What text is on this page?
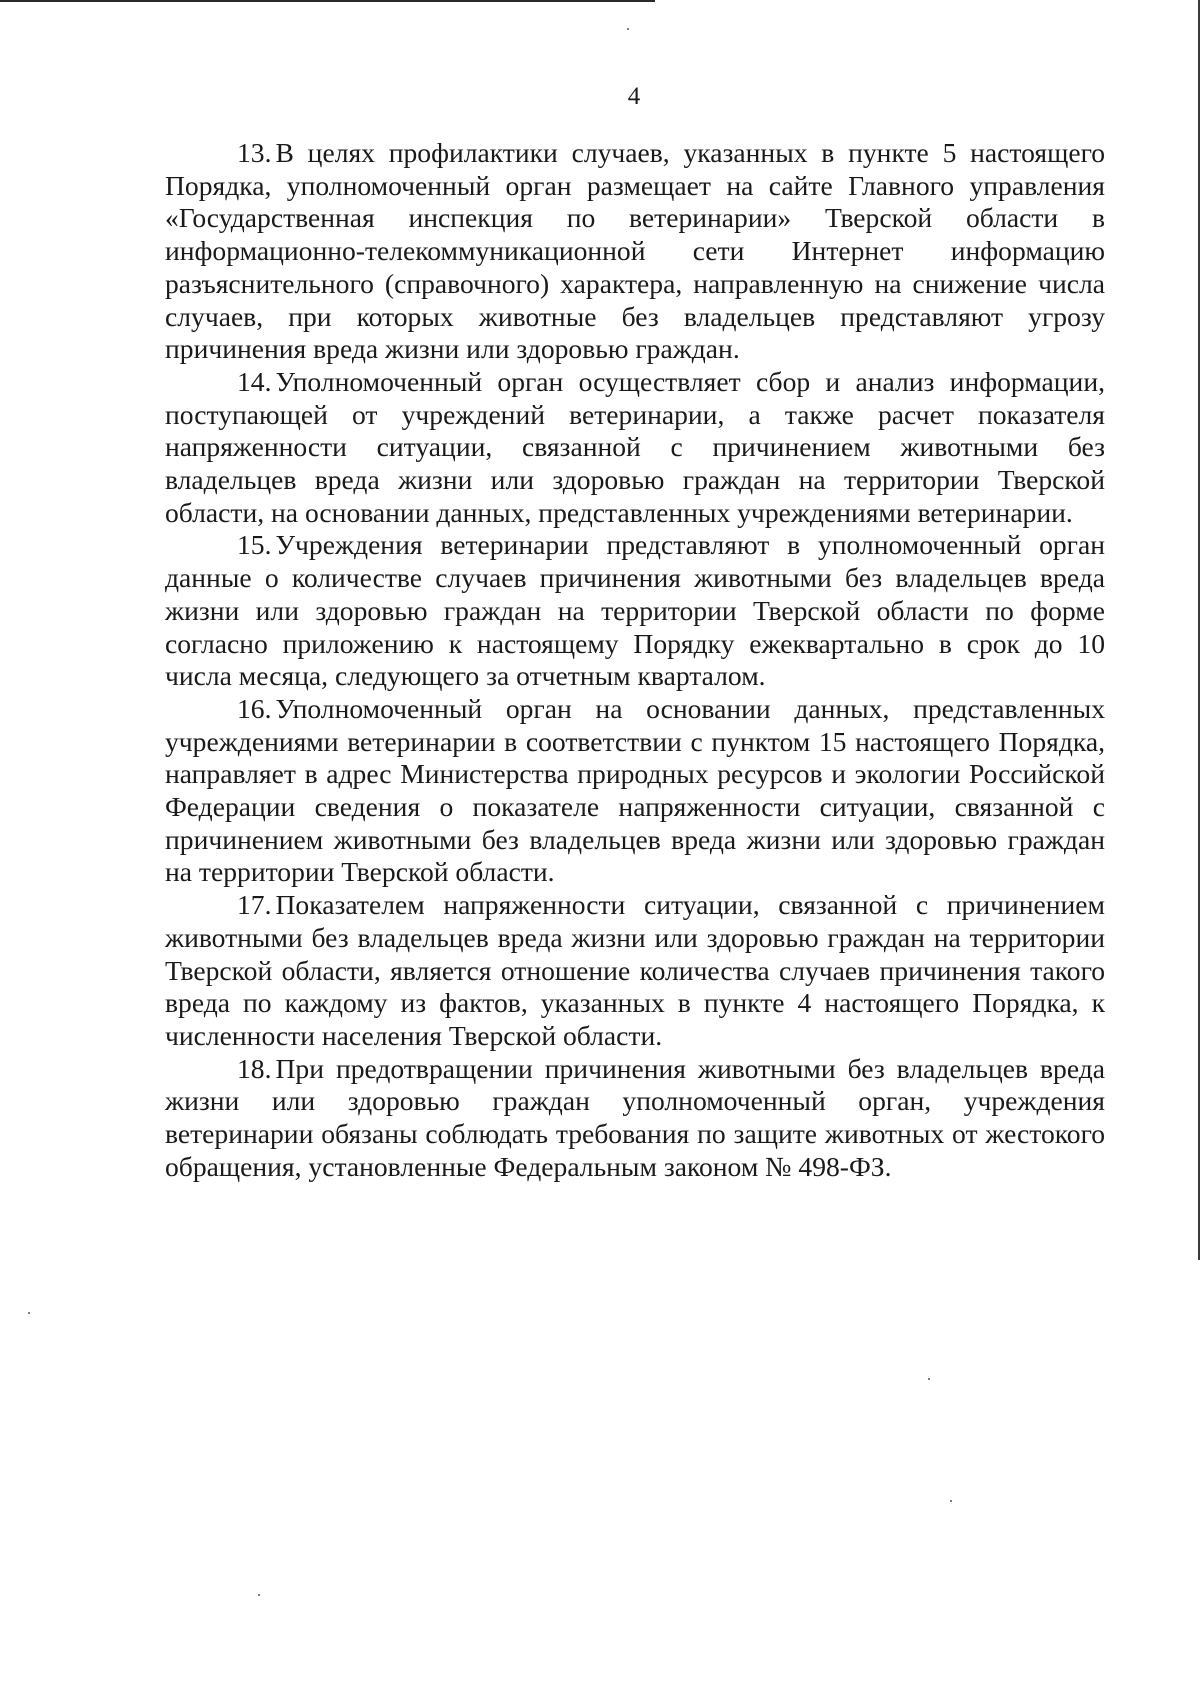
4

13. В целях профилактики случаев, указанных в пункте 5 настоящего Порядка, уполномоченный орган размещает на сайте Главного управления «Государственная инспекция по ветеринарии» Тверской области в информационно-телекоммуникационной сети Интернет информацию разъяснительного (справочного) характера, направленную на снижение числа случаев, при которых животные без владельцев представляют угрозу причинения вреда жизни или здоровью граждан.

14. Уполномоченный орган осуществляет сбор и анализ информации, поступающей от учреждений ветеринарии, а также расчет показателя напряженности ситуации, связанной с причинением животными без владельцев вреда жизни или здоровью граждан на территории Тверской области, на основании данных, представленных учреждениями ветеринарии.

15. Учреждения ветеринарии представляют в уполномоченный орган данные о количестве случаев причинения животными без владельцев вреда жизни или здоровью граждан на территории Тверской области по форме согласно приложению к настоящему Порядку ежеквартально в срок до 10 числа месяца, следующего за отчетным кварталом.

16. Уполномоченный орган на основании данных, представленных учреждениями ветеринарии в соответствии с пунктом 15 настоящего Порядка, направляет в адрес Министерства природных ресурсов и экологии Российской Федерации сведения о показателе напряженности ситуации, связанной с причинением животными без владельцев вреда жизни или здоровью граждан на территории Тверской области.

17. Показателем напряженности ситуации, связанной с причинением животными без владельцев вреда жизни или здоровью граждан на территории Тверской области, является отношение количества случаев причинения такого вреда по каждому из фактов, указанных в пункте 4 настоящего Порядка, к численности населения Тверской области.

18. При предотвращении причинения животными без владельцев вреда жизни или здоровью граждан уполномоченный орган, учреждения ветеринарии обязаны соблюдать требования по защите животных от жестокого обращения, установленные Федеральным законом № 498-ФЗ.
